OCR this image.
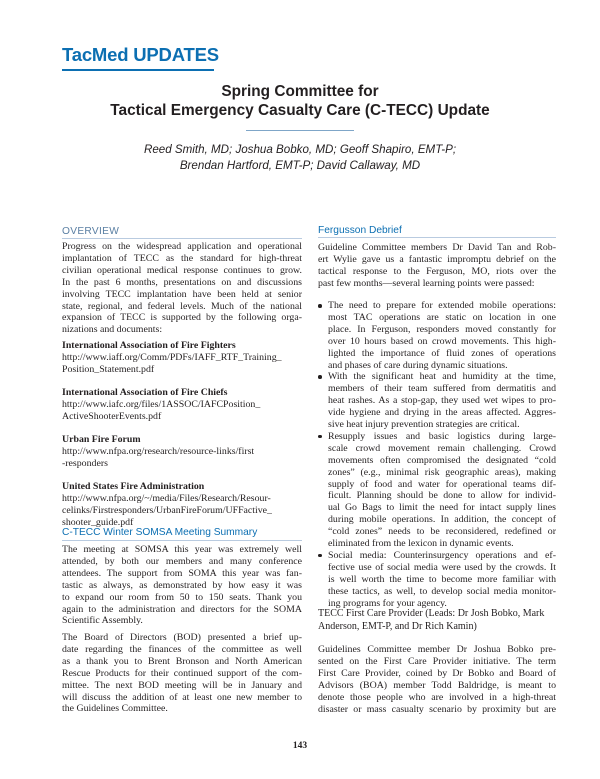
TacMed UPDATES
Spring Committee for
Tactical Emergency Casualty Care (C-TECC) Update
Reed Smith, MD; Joshua Bobko, MD; Geoff Shapiro, EMT-P;
Brendan Hartford, EMT-P; David Callaway, MD
OVERVIEW
Progress on the widespread application and operational
implantation of TECC as the standard for high-threat
civilian operational medical response continues to grow.
In the past 6 months, presentations on and discussions
involving TECC implantation have been held at senior
state, regional, and federal levels. Much of the national
expansion of TECC is supported by the following orga-
nizations and documents:
International Association of Fire Fighters
http://www.iaff.org/Comm/PDFs/IAFF_RTF_Training_
Position_Statement.pdf
International Association of Fire Chiefs
http://www.iafc.org/files/1ASSOC/IAFCPosition_
ActiveShooterEvents.pdf
Urban Fire Forum
http://www.nfpa.org/research/resource-links/first
-responders
United States Fire Administration
http://www.nfpa.org/~/media/Files/Research/Resour-
celinks/Firstresponders/UrbanFireForum/UFFactive_
shooter_guide.pdf
C-TECC Winter SOMSA Meeting Summary
The meeting at SOMSA this year was extremely well
attended, by both our members and many conference
attendees. The support from SOMA this year was fan-
tastic as always, as demonstrated by how easy it was
to expand our room from 50 to 150 seats. Thank you
again to the administration and directors for the SOMA
Scientific Assembly.
The Board of Directors (BOD) presented a brief up-
date regarding the finances of the committee as well
as a thank you to Brent Bronson and North American
Rescue Products for their continued support of the com-
mittee. The next BOD meeting will be in January and
will discuss the addition of at least one new member to
the Guidelines Committee.
Fergusson Debrief
Guideline Committee members Dr David Tan and Rob-
ert Wylie gave us a fantastic impromptu debrief on the
tactical response to the Ferguson, MO, riots over the
past few months—several learning points were passed:
The need to prepare for extended mobile operations:
most TAC operations are static on location in one
place. In Ferguson, responders moved constantly for
over 10 hours based on crowd movements. This high-
lighted the importance of fluid zones of operations
and phases of care during dynamic situations.
With the significant heat and humidity at the time,
members of their team suffered from dermatitis and
heat rashes. As a stop-gap, they used wet wipes to pro-
vide hygiene and drying in the areas affected. Aggres-
sive heat injury prevention strategies are critical.
Resupply issues and basic logistics during large-
scale crowd movement remain challenging. Crowd
movements often compromised the designated “cold
zones” (e.g., minimal risk geographic areas), making
supply of food and water for operational teams dif-
ficult. Planning should be done to allow for individ-
ual Go Bags to limit the need for intact supply lines
during mobile operations. In addition, the concept of
“cold zones” needs to be reconsidered, redefined or
eliminated from the lexicon in dynamic events.
Social media: Counterinsurgency operations and ef-
fective use of social media were used by the crowds. It
is well worth the time to become more familiar with
these tactics, as well, to develop social media monitor-
ing programs for your agency.
TECC First Care Provider (Leads: Dr Josh Bobko, Mark
Anderson, EMT-P, and Dr Rich Kamin)
Guidelines Committee member Dr Joshua Bobko pre-
sented on the First Care Provider initiative. The term
First Care Provider, coined by Dr Bobko and Board of
Advisors (BOA) member Todd Baldridge, is meant to
denote those people who are involved in a high-threat
disaster or mass casualty scenario by proximity but are
143
